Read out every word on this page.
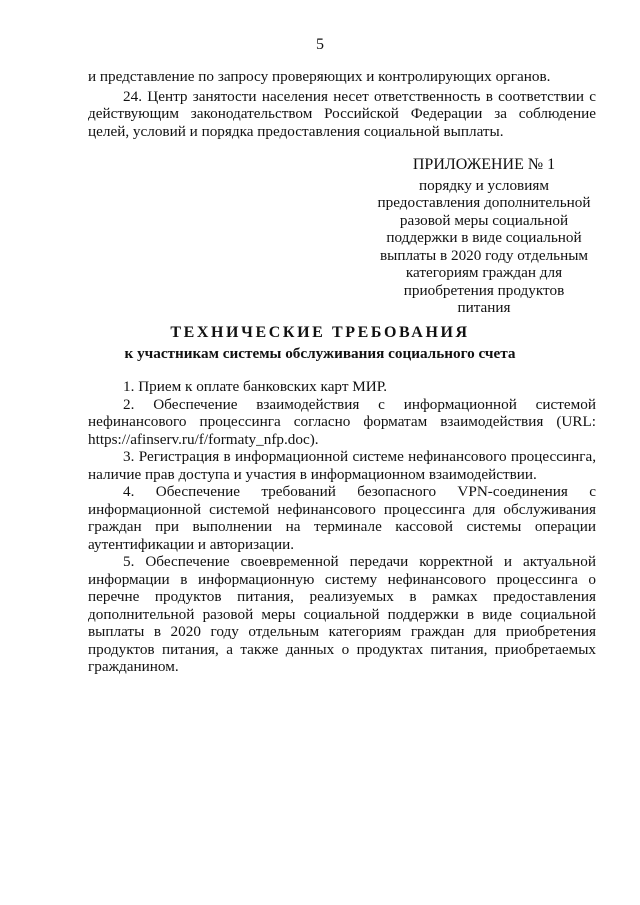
5

и представление по запросу проверяющих и контролирующих органов.

24. Центр занятости населения несет ответственность в соответствии с действующим законодательством Российской Федерации за соблюдение целей, условий и порядка предоставления социальной выплаты.

ПРИЛОЖЕНИЕ № 1
порядку и условиям
предоставления дополнительной
разовой меры социальной
поддержки в виде социальной
выплаты в 2020 году отдельным
категориям граждан для
приобретения продуктов
питания
ТЕХНИЧЕСКИЕ ТРЕБОВАНИЯ
к участникам системы обслуживания социального счета

1. Прием к оплате банковских карт МИР.

2. Обеспечение взаимодействия с информационной системой нефинансового процессинга согласно форматам взаимодействия (URL: https://afinserv.ru/f/formaty_nfp.doc).

3. Регистрация в информационной системе нефинансового процессинга, наличие прав доступа и участия в информационном взаимодействии.

4. Обеспечение требований безопасного VPN-соединения с информационной системой нефинансового процессинга для обслуживания граждан при выполнении на терминале кассовой системы операции аутентификации и авторизации.

5. Обеспечение своевременной передачи корректной и актуальной информации в информационную систему нефинансового процессинга о перечне продуктов питания, реализуемых в рамках предоставления дополнительной разовой меры социальной поддержки в виде социальной выплаты в 2020 году отдельным категориям граждан для приобретения продуктов питания, а также данных о продуктах питания, приобретаемых гражданином.
